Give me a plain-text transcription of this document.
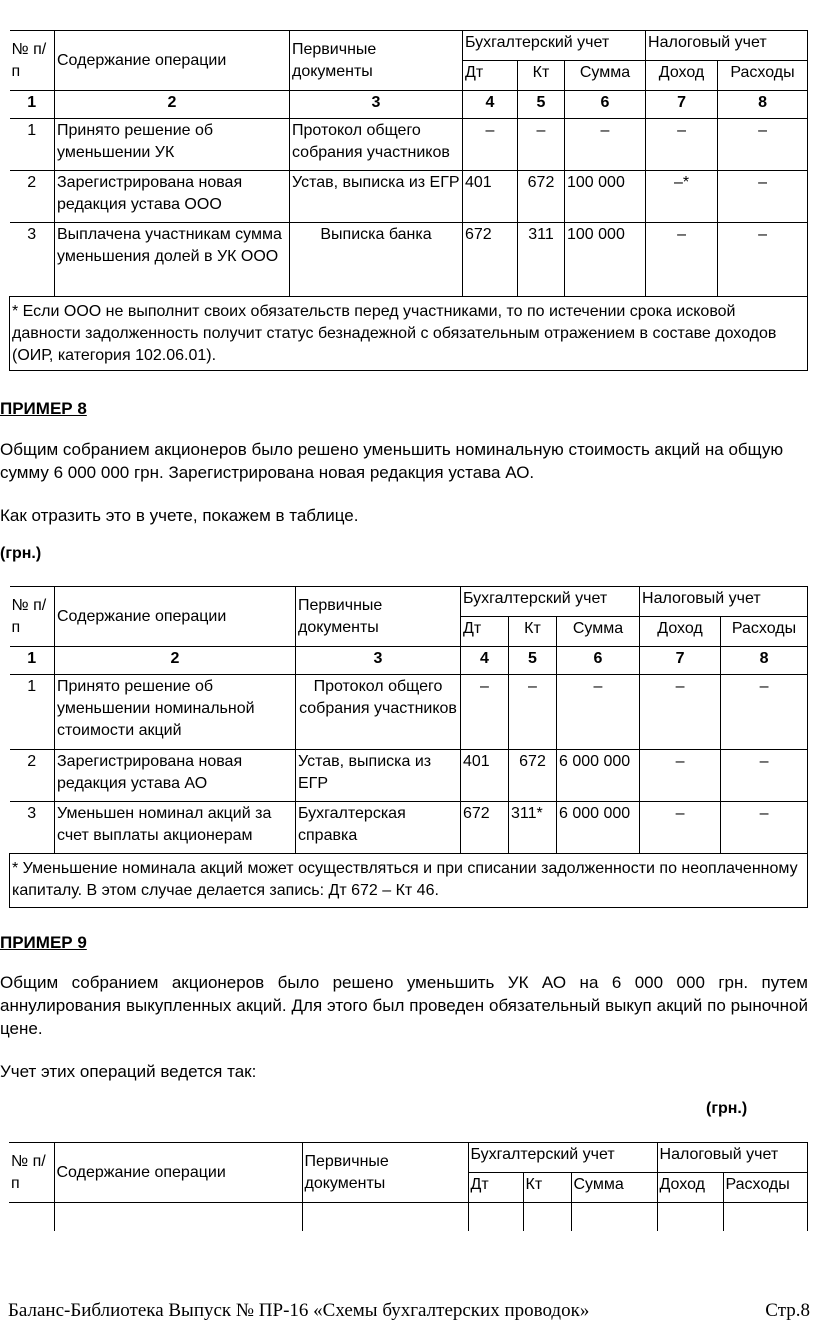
№ п/п	Содержание операции	Первичные документы	Бухгалтерский учет			Налоговый учет	
			Дт	Кт	Сумма	Доход	Расходы
1	2	3	4	5	6	7	8
1	Принято решение об уменьшении УК	Протокол общего собрания участников	–	–	–	–	–
2	Зарегистрирована новая редакция устава ООО	Устав, выписка из ЕГР	401	672	100 000	–*	–
3	Выплачена участникам сумма уменьшения долей в УК ООО	Выписка банка	672	311	100 000	–	–
* Если ООО не выполнит своих обязательств перед участниками, то по истечении срока исковой давности задолженность получит статус безнадежной с обязательным отражением в составе доходов (ОИР, категория 102.06.01).							

ПРИМЕР 8

Общим собранием акционеров было решено уменьшить номинальную стоимость акций на общую сумму 6 000 000 грн. Зарегистрирована новая редакция устава АО.

Как отразить это в учете, покажем в таблице.

(грн.)

№ п/п	Содержание операции	Первичные документы	Бухгалтерский учет			Налоговый учет	
			Дт	Кт	Сумма	Доход	Расходы
1	2	3	4	5	6	7	8
1	Принято решение об уменьшении номинальной стоимости акций	Протокол общего собрания участников	–	–	–	–	–
2	Зарегистрирована новая редакция устава АО	Устав, выписка из ЕГР	401	672	6 000 000	–	–
3	Уменьшен номинал акций за счет выплаты акционерам	Бухгалтерская справка	672	311*	6 000 000	–	–
* Уменьшение номинала акций может осуществляться и при списании задолженности по неоплаченному капиталу. В этом случае делается запись: Дт 672 – Кт 46.							

ПРИМЕР 9

Общим собранием акционеров было решено уменьшить УК АО на 6 000 000 грн. путем аннулирования выкупленных акций. Для этого был проведен обязательный выкуп акций по рыночной цене.

Учет этих операций ведется так:

(грн.)

№ п/п	Содержание операции	Первичные документы	Бухгалтерский учет			Налоговый учет	
			Дт	Кт	Сумма	Доход	Расходы

Баланс-Библиотека Выпуск № ПР-16 «Схемы бухгалтерских проводок»	Стр.8
